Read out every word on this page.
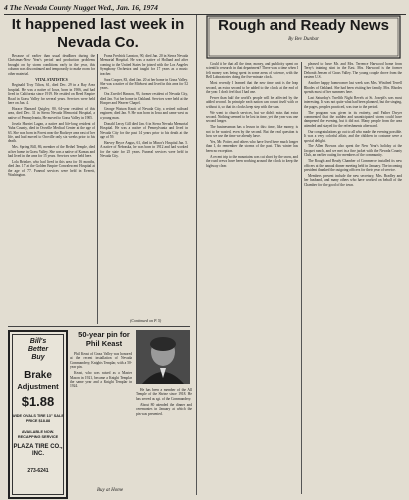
4 The Nevada County Nugget Wed., Jan. 16, 1974
It happened last week in Nevada Co.

Because of earlier than usual deadlines during the Christmas-New Year's period and production problems brought on by storm conditions early in the year, this column was discontinued and temporarily to make room for other material.

VITAL STATISTICS

Reginald Troy Tilton, 61, died Dec. 29 in a Bay Area hospital. He was a native of Iowa, born in 1906, and had lived in California since 1919. He resided on Reed Empire Road in Grass Valley for several years. Services were held here on Jan. 4.

Horace Barnard Quigley, 80, 64-year resident of this area, died Dec. 31 in Sierra Nevada Memorial Hospital, a native of Pennsylvania, He moved to Grass Valley in 1905.

Josefa Harriet Lagan, a native and life-long resident of Yuba County, died in Oroville Medical Center at the age of 63. She was born in Forest near the Buckeye area east of her life, and had moved to Oroville only six weeks prior to his death.

Mrs. Spring Bill, 86, member of the Bethel Temple, died at her home in Grass Valley. She was a native of Kansas and had lived in the area for 15 years. Services were held here.

Lola Brinker, who had lived in this area for 16 months, died Jan. 17 at the Golden Empire Convalescent Hospital at the age of 77. Funeral services were held in Everett, Washington.

Franz Fredrick Lanston, 90, died Jan. 20 in Sierra Nevada Memorial Hospital. He was a native of Holland and after coming to the United States he joined with the Los Angeles Symphony Orchestra and taught for 17 years as a music teacher.

Sara Cooper, 83, died Jan. 20 at her home in Grass Valley. She was a native of the Midwest and lived in this area for 52 years.

Ora Zweifel Hanson, 93, former resident of Nevada City, died Jan. 9 at her home in Oakland. Services were held at the Hooper and Weaver Chapel.

George Watson Knott of Nevada City, a retired railroad engineer, died Jan. 9. He was born in Iowa and came west as a young man.

Donald Leroy Gill died Jan. 6 in Sierra Nevada Memorial Hospital. He was a native of Pennsylvania and lived in Nevada City for the past 14 years prior to his death at the age of 59.

Harvey Bryce Angus, 61, died in Minor's Hospital Jan. 5. A native of Nebraska, he was born in 1912 and had worked for the state for 25 years. Funeral services were held in Nevada City.

(Continued on P. 5)
Rough and Ready News
By Bev Dunbar

Could it be that all the time, money, and publicity spent on scientific research in that department? There was a time when I felt money was being spent in some areas of science, with the Bell Laboratories doing the five-minute clock.

Most recently I learned that the new time unit is the leap second, an extra second to be added to the clock at the end of the year. I don't feel that I had one.

Fewer than half the world's people will be affected by the added second. In principle each nation can count itself with or without it, so that its clocks keep step with the sun.

We went to church services, but we didn't miss that extra second. Nothing seemed to be lost in time, yet the year was one second longer.

The businessman has a lesson in this: time, like money, is not to be wasted, even by the second. But the real question is how we use the time we already have.

Yes, Mr. Potter, and others who have lived here much longer than I, do remember the storms of the past. This winter has been no exception.

A recent trip to the mountains was cut short by the snow, and the road crews have been working around the clock to keep the highway clear.

pleased to have Mr. and Mrs. Terrence Harwood home from Terry's training stint in the East. Mrs. Harwood is the former Deborah Jensen of Grass Valley. The young couple drove from the eastern U.S.

Another happy homecomer last week was Mrs. Winifred Terrell Rhodes of Oakland. She had been visiting her family. Mrs. Rhodes spends most of her summers here.

Last Saturday's Twelfth Night Revels at St. Joseph's was most interesting. It was not quite what had been planned, but the singing, the pages, peoples practiced, was true to the period.

The program was given in its entirety, and Father Dwyer commented that the sudden and unanticipated storm could have dampened the evening, but it did not. Many people from the area attended and stayed for the refreshments afterward.

Our congratulations go out to all who made the evening possible. It was a very colorful affair, and the children in costume were a special delight.

The Allen Browns also spent the New Year's holiday at the Jacquet ranch, and we met in a fine jacket with the Nevada County Club, an earlier outing for members of the community.

The Rough and Ready Chamber of Commerce installed its new officers at the annual dinner meeting held in January. The incoming president thanked the outgoing officers for their year of service.

Members present include the new secretary, Mrs. Bradley and her husband, and many others who have worked on behalf of the Chamber for the good of the town.

Bill's
Better
Buy
Brake
Adjustment
$1.88
WIDE OVALS TIRE 13" SALE PRICE $18.88
AVAILABLE NOW. RECAPPING SERVICE
PLAZA TIRE CO., INC.
273-6241
Buy at Home
50-year pin for Phil Keast

Phil Keast of Grass Valley was honored at the recent installation of Nevada Commandery, Knights Templar, with a 50-year pin.

Keast, who was raised as a Master Mason in 1921, became a Knight Templar the same year and a Knight Templar in 1924.

He has been a member of the All Temple of the Shrine since 1918. He has served as sgt. of the Commandery.

About 80 attended the dinner and ceremonies in January at which the pin was presented.
